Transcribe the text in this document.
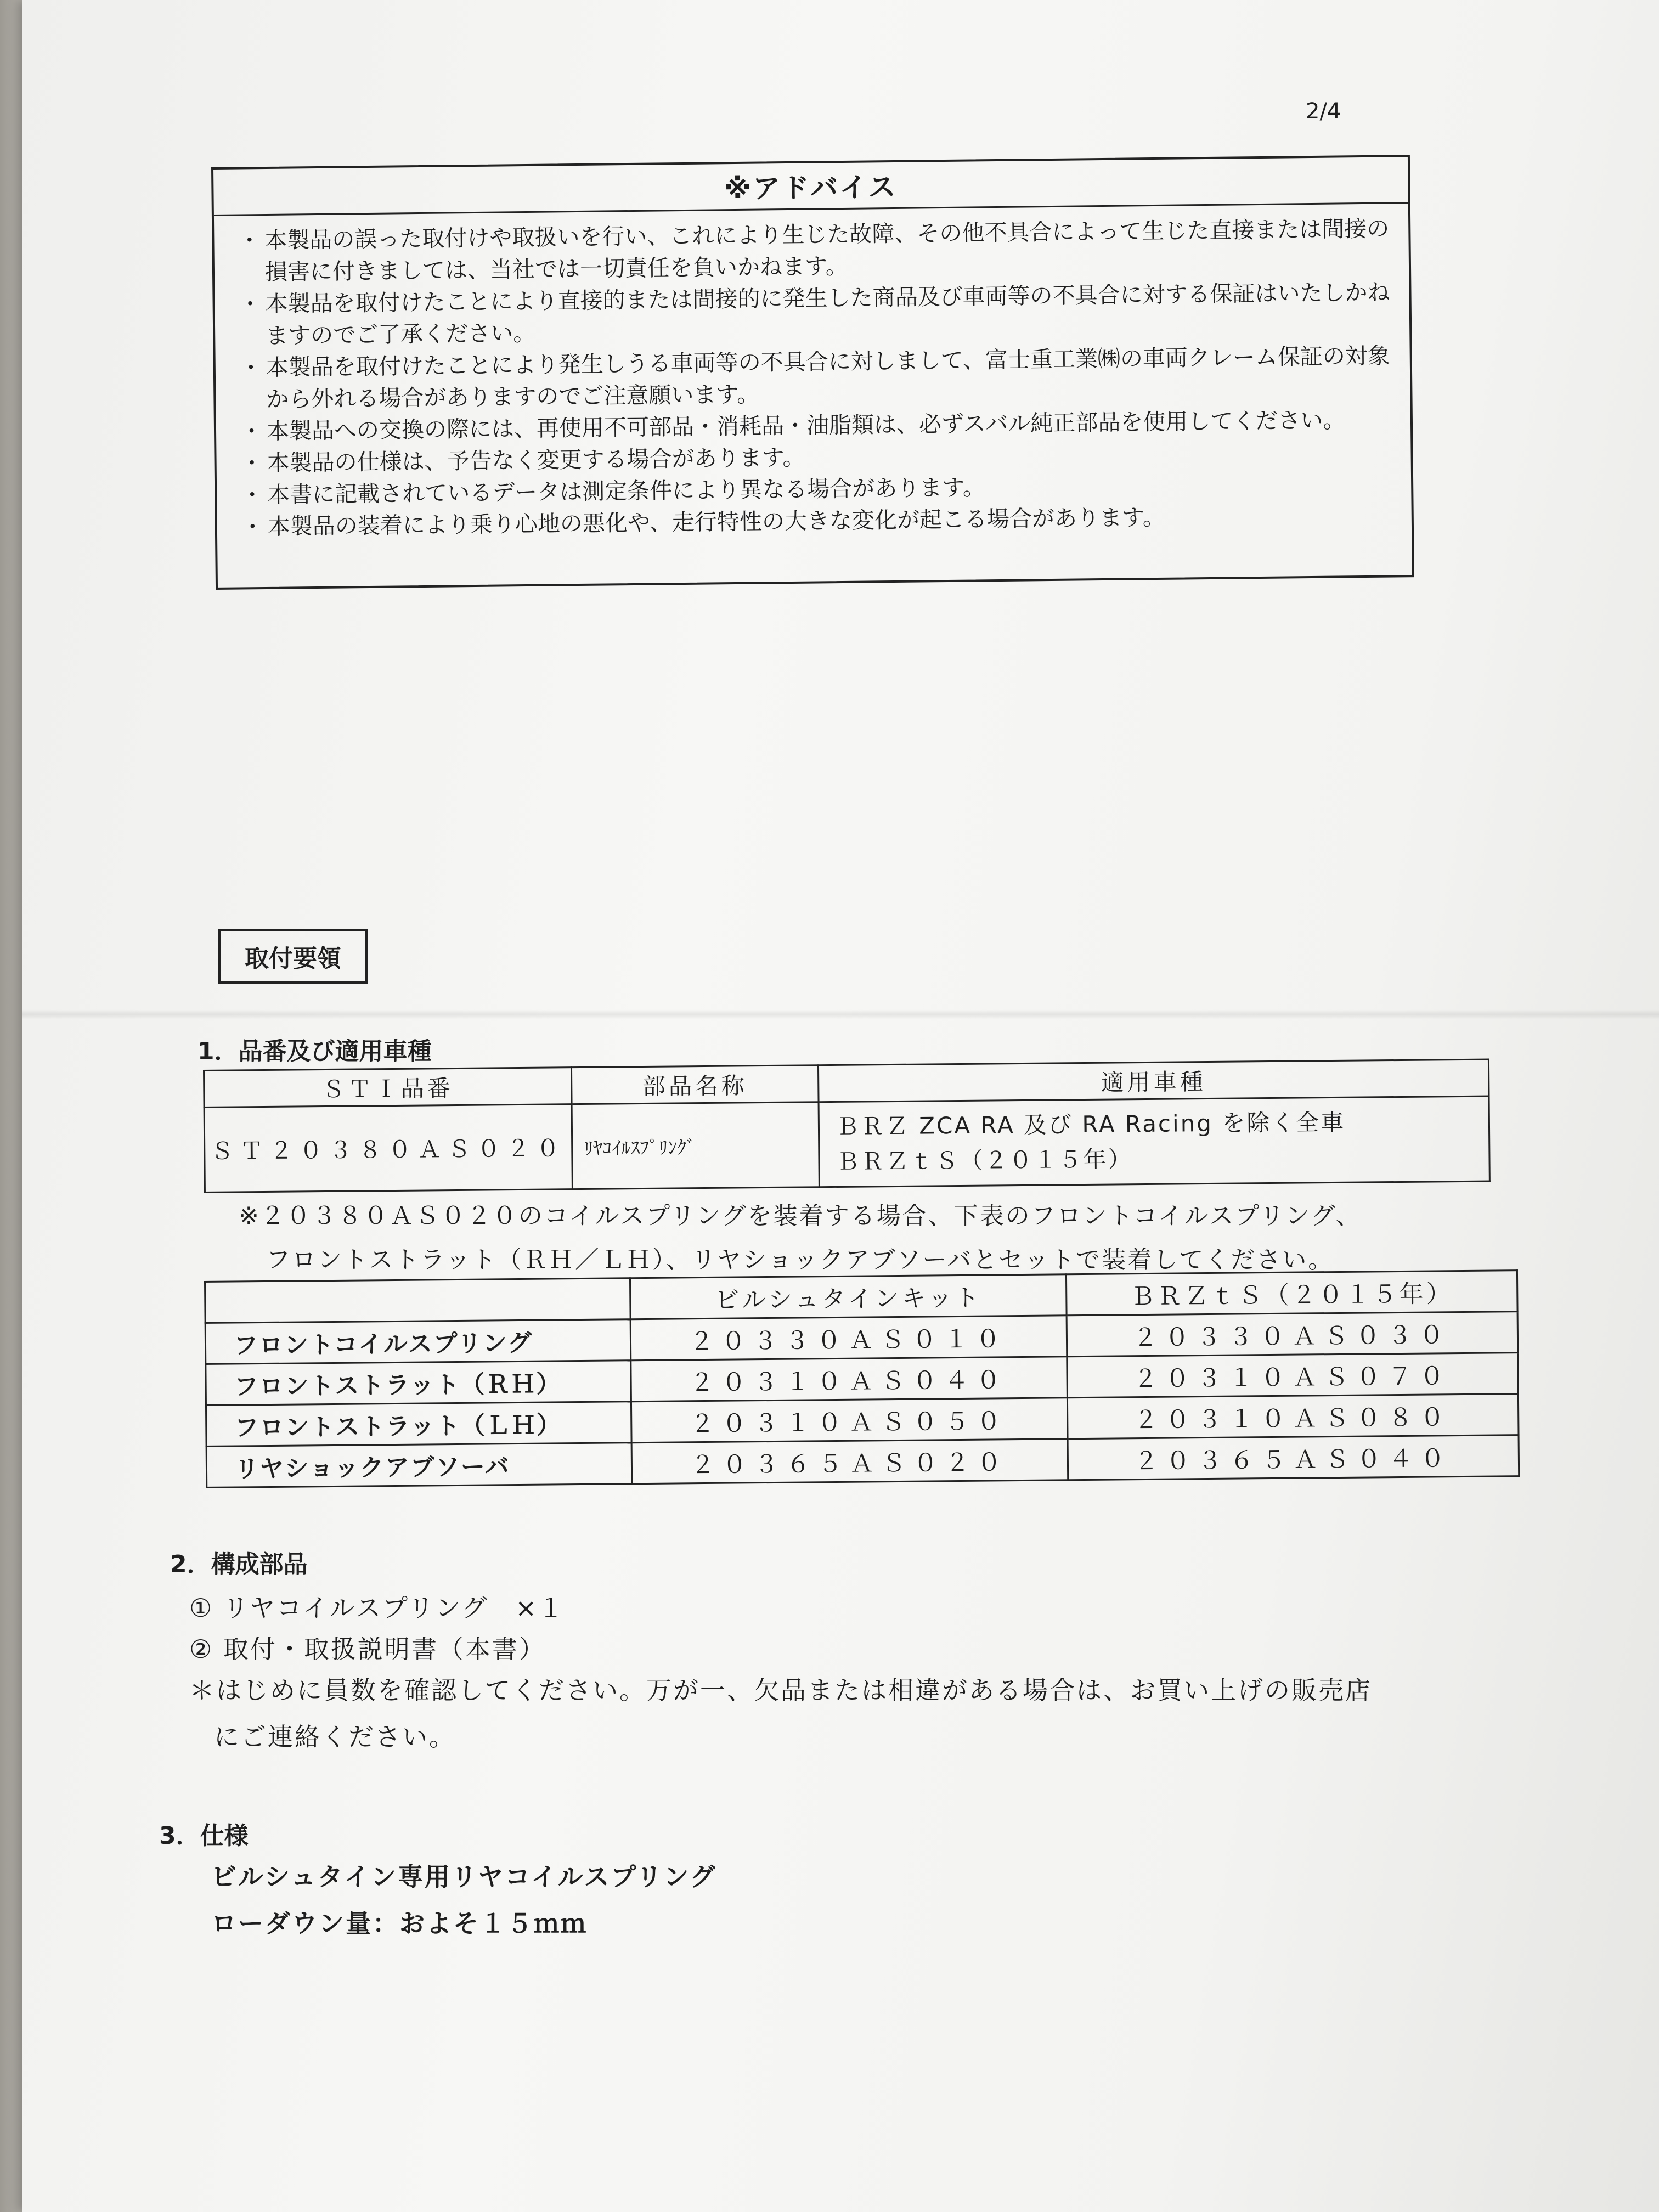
2/4
※アドバイス
・ 本製品の誤った取付けや取扱いを行い、これにより生じた故障、その他不具合によって生じた直接または間接の損害に付きましては、当社では一切責任を負いかねます。
・ 本製品を取付けたことにより直接的または間接的に発生した商品及び車両等の不具合に対する保証はいたしかねますのでご了承ください。
・ 本製品を取付けたことにより発生しうる車両等の不具合に対しまして、富士重工業㈱の車両クレーム保証の対象から外れる場合がありますのでご注意願います。
・ 本製品への交換の際には、再使用不可部品・消耗品・油脂類は、必ずスバル純正部品を使用してください。
・ 本製品の仕様は、予告なく変更する場合があります。
・ 本書に記載されているデータは測定条件により異なる場合があります。
・ 本製品の装着により乗り心地の悪化や、走行特性の大きな変化が起こる場合があります。
取付要領
1．品番及び適用車種
ＳＴＩ品番	部品名称	適用車種
ＳＴ２０３８０ＡＳ０２０	ﾘﾔｺｲﾙｽﾌﾟﾘﾝｸﾞ	ＢＲＺ ZCA RA 及び RA Racing を除く全車
ＢＲＺｔＳ（２０１５年）
※２０３８０ＡＳ０２０のコイルスプリングを装着する場合、下表のフロントコイルスプリング、
フロントストラット（ＲＨ／ＬＨ）、リヤショックアブソーバとセットで装着してください。
	ビルシュタインキット	ＢＲＺｔＳ（２０１５年）
フロントコイルスプリング	２０３３０ＡＳ０１０	２０３３０ＡＳ０３０
フロントストラット（ＲＨ）	２０３１０ＡＳ０４０	２０３１０ＡＳ０７０
フロントストラット（ＬＨ）	２０３１０ＡＳ０５０	２０３１０ＡＳ０８０
リヤショックアブソーバ	２０３６５ＡＳ０２０	２０３６５ＡＳ０４０
2．構成部品
① リヤコイルスプリング　×１
② 取付・取扱説明書（本書）
＊はじめに員数を確認してください。万が一、欠品または相違がある場合は、お買い上げの販売店
にご連絡ください。
3．仕様
ビルシュタイン専用リヤコイルスプリング
ローダウン量：およそ１５ｍｍ
